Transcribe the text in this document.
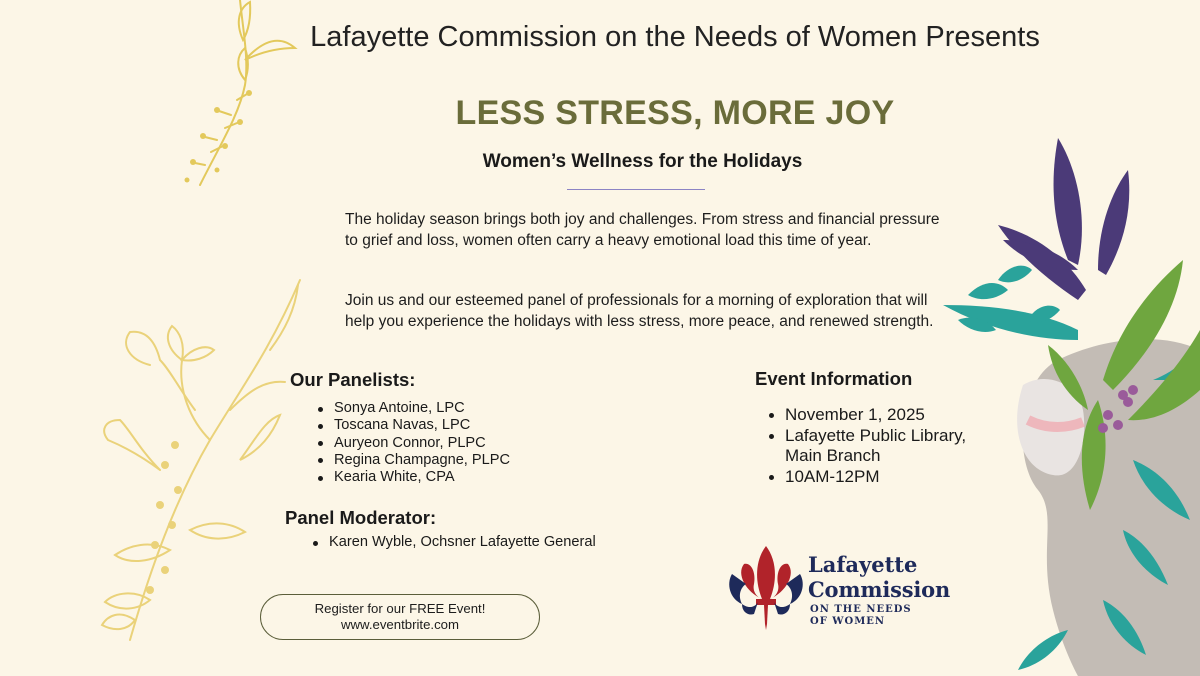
Lafayette Commission on the Needs of Women Presents
LESS STRESS, MORE JOY
Women’s Wellness for the Holidays
The holiday season brings both joy and challenges. From stress and financial pressure to grief and loss, women often carry a heavy emotional load this time of year.
Join us and our esteemed panel of professionals for a morning of exploration that will help you experience the holidays with less stress, more peace, and renewed strength.
Our Panelists:
Sonya Antoine, LPC
Toscana Navas, LPC
Auryeon Connor, PLPC
Regina Champagne, PLPC
Kearia White, CPA
Panel Moderator:
Karen Wyble, Ochsner Lafayette General
Event Information
November 1, 2025
Lafayette Public Library, Main Branch
10AM-12PM
Register for our FREE Event!
www.eventbrite.com
Lafayette
Commission
ON THE NEEDS
OF WOMEN
